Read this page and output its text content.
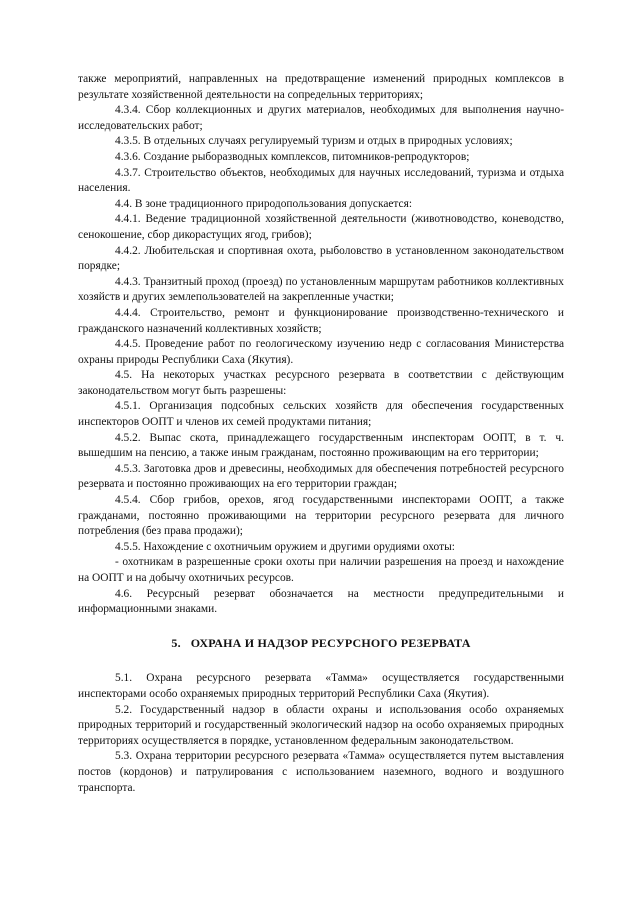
также мероприятий, направленных на предотвращение изменений природных комплексов в результате хозяйственной деятельности на сопредельных территориях;

4.3.4. Сбор коллекционных и других материалов, необходимых для выполнения научно-исследовательских работ;

4.3.5. В отдельных случаях регулируемый туризм и отдых в природных условиях;

4.3.6. Создание рыборазводных комплексов, питомников-репродукторов;

4.3.7. Строительство объектов, необходимых для научных исследований, туризма и отдыха населения.

4.4. В зоне традиционного природопользования допускается:

4.4.1. Ведение традиционной хозяйственной деятельности (животноводство, коневодство, сенокошение, сбор дикорастущих ягод, грибов);

4.4.2. Любительская и спортивная охота, рыболовство в установленном законодательством порядке;

4.4.3. Транзитный проход (проезд) по установленным маршрутам работников коллективных хозяйств и других землепользователей на закрепленные участки;

4.4.4. Строительство, ремонт и функционирование производственно-технического и гражданского назначений коллективных хозяйств;

4.4.5. Проведение работ по геологическому изучению недр с согласования Министерства охраны природы Республики Саха (Якутия).

4.5. На некоторых участках ресурсного резервата в соответствии с действующим законодательством могут быть разрешены:

4.5.1. Организация подсобных сельских хозяйств для обеспечения государственных инспекторов ООПТ и членов их семей продуктами питания;

4.5.2. Выпас скота, принадлежащего государственным инспекторам ООПТ, в т. ч. вышедшим на пенсию, а также иным гражданам, постоянно проживающим на его территории;

4.5.3. Заготовка дров и древесины, необходимых для обеспечения потребностей ресурсного резервата и постоянно проживающих на его территории граждан;

4.5.4. Сбор грибов, орехов, ягод государственными инспекторами ООПТ, а также гражданами, постоянно проживающими на территории ресурсного резервата для личного потребления (без права продажи);

4.5.5. Нахождение с охотничьим оружием и другими орудиями охоты:

- охотникам в разрешенные сроки охоты при наличии разрешения на проезд и нахождение на ООПТ и на добычу охотничьих ресурсов.

4.6. Ресурсный резерват обозначается на местности предупредительными и информационными знаками.

5. ОХРАНА И НАДЗОР РЕСУРСНОГО РЕЗЕРВАТА

5.1. Охрана ресурсного резервата «Тамма» осуществляется государственными инспекторами особо охраняемых природных территорий Республики Саха (Якутия).

5.2. Государственный надзор в области охраны и использования особо охраняемых природных территорий и государственный экологический надзор на особо охраняемых природных территориях осуществляется в порядке, установленном федеральным законодательством.

5.3. Охрана территории ресурсного резервата «Тамма» осуществляется путем выставления постов (кордонов) и патрулирования с использованием наземного, водного и воздушного транспорта.
